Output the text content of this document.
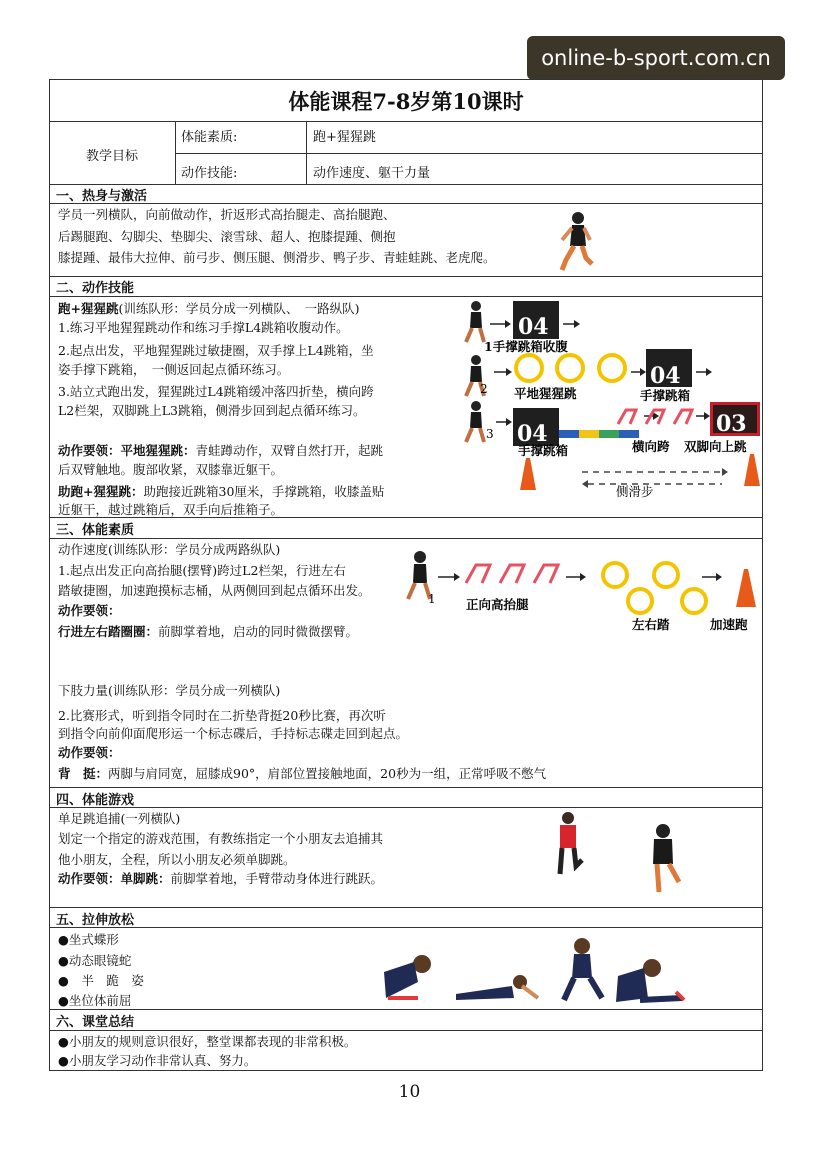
online-b-sport.com.cn
体能课程7-8岁第10课时
教学目标
体能素质:	跑+猩猩跳
动作技能:	动作速度、躯干力量
一、热身与激活
学员一列横队，向前做动作，折返形式高抬腿走、高抬腿跑、
后踢腿跑、勾脚尖、垫脚尖、滚雪球、超人、抱膝提踵、侧抱
膝提踵、最伟大拉伸、前弓步、侧压腿、侧滑步、鸭子步、青蛙蛙跳、老虎爬。
二、动作技能
跑+猩猩跳(训练队形：学员分成一列横队、　一路纵队)
1.练习平地猩猩跳动作和练习手撑L4跳箱收腹动作。
2.起点出发，平地猩猩跳过敏捷圈，双手撑上L4跳箱，坐
姿手撑下跳箱，　一侧返回起点循环练习。
3.站立式跑出发，猩猩跳过L4跳箱缓冲落四折垫，横向跨
L2栏架，双脚跳上L3跳箱，侧滑步回到起点循环练习。
动作要领：平地猩猩跳：青蛙蹲动作，双臂自然打开，起跳
后双臂触地。腹部收紧，双膝靠近躯干。
助跑+猩猩跳：助跑接近跳箱30厘米，手撑跳箱，收膝盖贴
近躯干，越过跳箱后，双手向后推箱子。
04
1手撑跳箱收腹
2	04
平地猩猩跳	手撑跳箱
3 04	03
手撑跳箱	横向跨 双脚向上跳
侧滑步
三、体能素质
动作速度(训练队形：学员分成两路纵队)
1.起点出发正向高抬腿(摆臂)跨过L2栏架，行进左右
踏敏捷圈，加速跑摸标志桶，从两侧回到起点循环出发。
动作要领：
行进左右踏圈圈：前脚掌着地，启动的同时微微摆臂。
1 正向高抬腿
左右踏	加速跑
下肢力量(训练队形：学员分成一列横队)
2.比赛形式，听到指令同时在二折垫背挺20秒比赛，再次听
到指令向前仰面爬形运一个标志碟后，手持标志碟走回到起点。
动作要领：
背　挺：两脚与肩同宽，屈膝成90°，肩部位置接触地面，20秒为一组，正常呼吸不憋气
四、体能游戏
单足跳追捕(一列横队)
划定一个指定的游戏范围，有教练指定一个小朋友去追捕其
他小朋友，全程，所以小朋友必须单脚跳。
动作要领：单脚跳：前脚掌着地，手臂带动身体进行跳跃。
五、拉伸放松
●坐式蝶形
●动态眼镜蛇
●　半　跪　姿
●坐位体前屈
六、课堂总结
●小朋友的规则意识很好，整堂课都表现的非常积极。
●小朋友学习动作非常认真、努力。
10
